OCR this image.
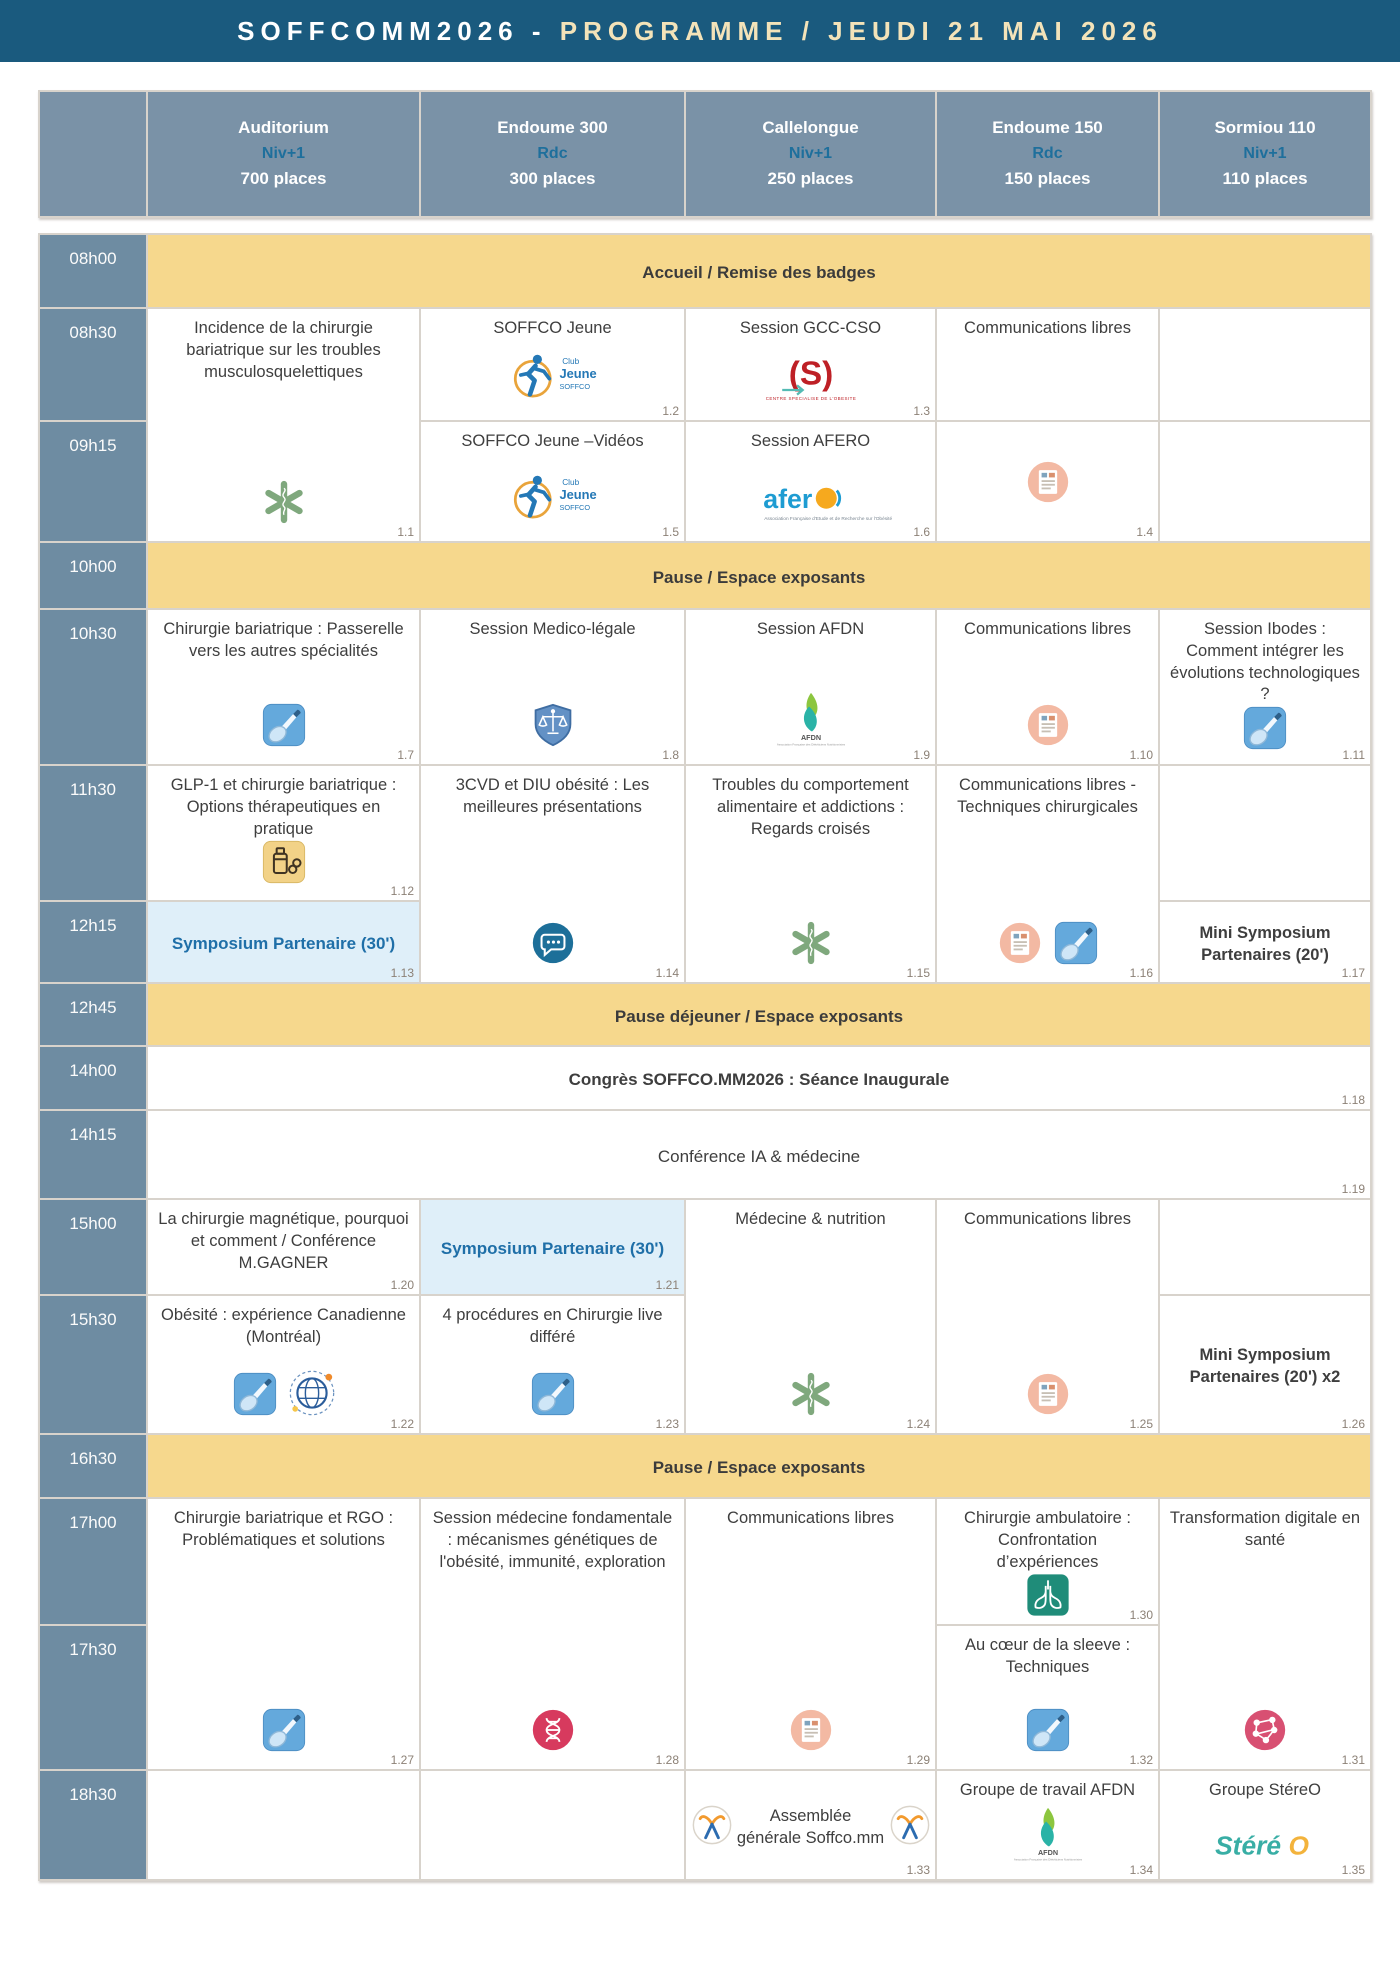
SOFFCOMM2026 - PROGRAMME / JEUDI 21 MAI 2026
Auditorium
Niv+1
700 places
Endoume 300
Rdc
300 places
Callelongue
Niv+1
250 places
Endoume 150
Rdc
150 places
Sormiou 110
Niv+1
110 places
08h00
08h30
09h15
10h00
10h30
11h30
12h15
12h45
14h00
14h15
15h00
15h30
16h30
17h00
17h30
18h30
Accueil / Remise des badges
Incidence de la chirurgie bariatrique sur les troubles musculosquelettiques
1.1
SOFFCO Jeune
Club
Jeune
SOFFCO
1.2
Session GCC-CSO
(S)
CENTRE SPECIALISE DE L'OBESITE
1.3
Communications libres
SOFFCO Jeune –Vidéos
Club
Jeune
SOFFCO
1.5
Session AFERO
afer
Association Française d'Etude et de Recherche sur l'Obésité
1.6	1.4
Pause / Espace exposants
Chirurgie bariatrique : Passerelle vers les autres spécialités
1.7
Session Medico-légale
1.8
Session AFDN
AFDN
Association Française des Diététiciens Nutritionnistes
1.9
Communications libres
1.10
Session Ibodes : Comment intégrer les évolutions technologiques ?
1.11
GLP-1 et chirurgie bariatrique : Options thérapeutiques en pratique
1.12
3CVD et DIU obésité : Les meilleures présentations
1.14
Troubles du comportement alimentaire et addictions : Regards croisés
1.15
Communications libres - Techniques chirurgicales
1.16
Symposium Partenaire (30')
1.13
Mini Symposium Partenaires (20')
1.17
Pause déjeuner / Espace exposants
Congrès SOFFCO.MM2026 : Séance Inaugurale
1.18
Conférence IA & médecine
1.19
La chirurgie magnétique, pourquoi et comment / Conférence M.GAGNER
1.20
Symposium Partenaire (30')
1.21
Médecine & nutrition
1.24
Communications libres
1.25
Obésité : expérience Canadienne (Montréal)
1.22
4 procédures en Chirurgie live différé
1.23
Mini Symposium Partenaires (20') x2
1.26
Pause / Espace exposants
Chirurgie bariatrique et RGO : Problématiques et solutions
1.27
Session médecine fondamentale : mécanismes génétiques de l'obésité, immunité, exploration
1.28
Communications libres
1.29
Chirurgie ambulatoire : Confrontation d’expériences
1.30
Transformation digitale en santé
1.31
Au cœur de la sleeve : Techniques
1.32
Assemblée générale Soffco.mm
1.33
Groupe de travail AFDN
AFDN
Association Française des Diététiciens Nutritionnistes
1.34
Groupe StéreO
Stéré O
1.35
